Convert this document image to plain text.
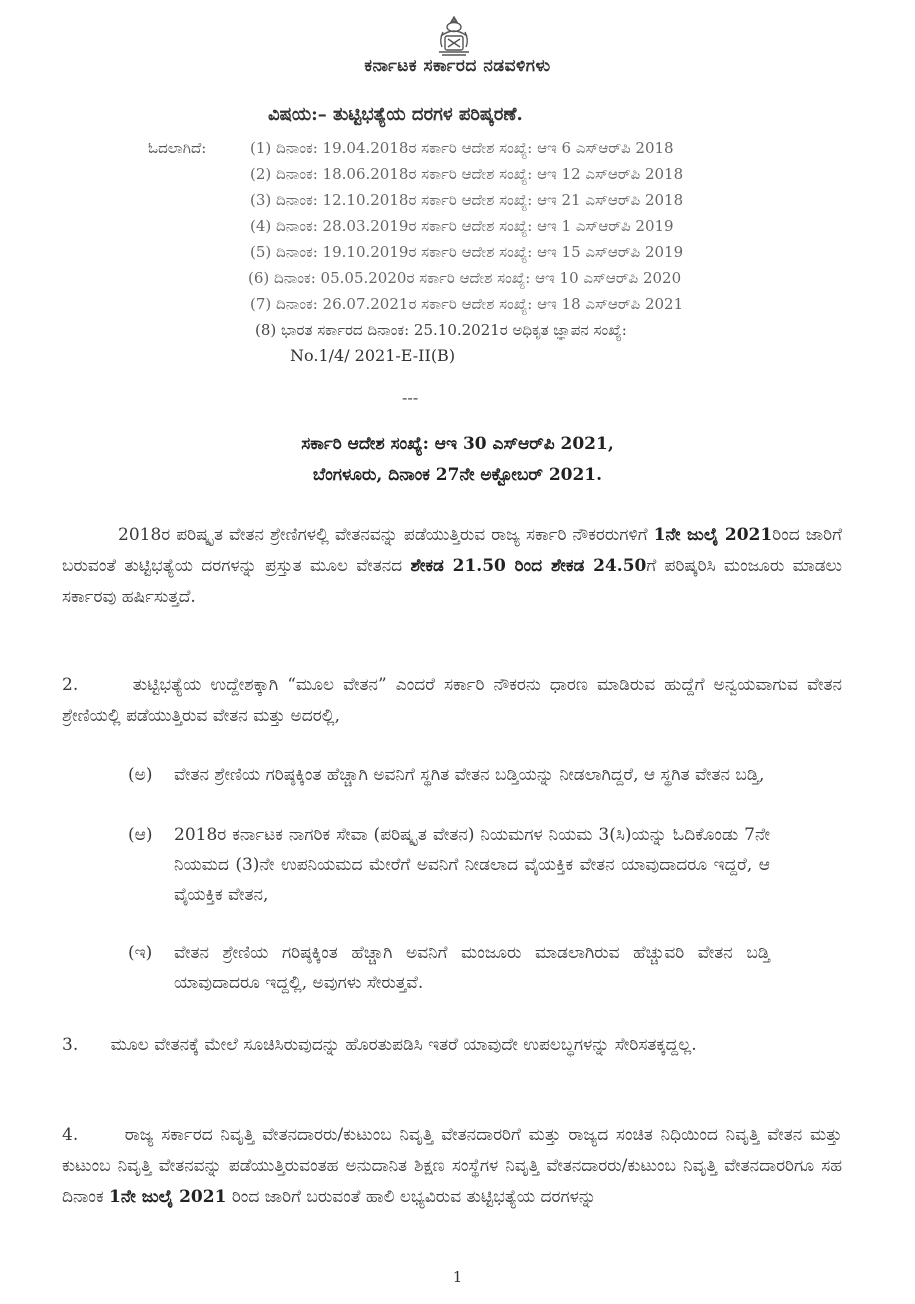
ಕರ್ನಾಟಕ ಸರ್ಕಾರದ ನಡವಳಿಗಳು
ವಿಷಯ:– ತುಟ್ಟಿಭತ್ಯೆಯ ದರಗಳ ಪರಿಷ್ಕರಣೆ.
ಓದಲಾಗಿದೆ:	(1) ದಿನಾಂಕ: 19.04.2018ರ ಸರ್ಕಾರಿ ಆದೇಶ ಸಂಖ್ಯೆ: ಆಇ 6 ಎಸ್‌ಆರ್‌ಪಿ 2018
(2) ದಿನಾಂಕ: 18.06.2018ರ ಸರ್ಕಾರಿ ಆದೇಶ ಸಂಖ್ಯೆ: ಆಇ 12 ಎಸ್‌ಆರ್‌ಪಿ 2018
(3) ದಿನಾಂಕ: 12.10.2018ರ ಸರ್ಕಾರಿ ಆದೇಶ ಸಂಖ್ಯೆ: ಆಇ 21 ಎಸ್‌ಆರ್‌ಪಿ 2018
(4) ದಿನಾಂಕ: 28.03.2019ರ ಸರ್ಕಾರಿ ಆದೇಶ ಸಂಖ್ಯೆ: ಆಇ 1 ಎಸ್‌ಆರ್‌ಪಿ 2019
(5) ದಿನಾಂಕ: 19.10.2019ರ ಸರ್ಕಾರಿ ಆದೇಶ ಸಂಖ್ಯೆ: ಆಇ 15 ಎಸ್‌ಆರ್‌ಪಿ 2019
(6) ದಿನಾಂಕ: 05.05.2020ರ ಸರ್ಕಾರಿ ಆದೇಶ ಸಂಖ್ಯೆ: ಆಇ 10 ಎಸ್‌ಆರ್‌ಪಿ 2020
(7) ದಿನಾಂಕ: 26.07.2021ರ ಸರ್ಕಾರಿ ಆದೇಶ ಸಂಖ್ಯೆ: ಆಇ 18 ಎಸ್‌ಆರ್‌ಪಿ 2021
(8) ಭಾರತ ಸರ್ಕಾರದ ದಿನಾಂಕ: 25.10.2021ರ ಅಧಿಕೃತ ಜ್ಞಾಪನ ಸಂಖ್ಯೆ:
No.1/4/ 2021-E-II(B)
---
ಸರ್ಕಾರಿ ಆದೇಶ ಸಂಖ್ಯೆ: ಆಇ 30 ಎಸ್‌ಆರ್‌ಪಿ 2021,
ಬೆಂಗಳೂರು, ದಿನಾಂಕ 27ನೇ ಅಕ್ಟೋಬರ್ 2021.
2018ರ ಪರಿಷ್ಕೃತ ವೇತನ ಶ್ರೇಣಿಗಳಲ್ಲಿ ವೇತನವನ್ನು ಪಡೆಯುತ್ತಿರುವ ರಾಜ್ಯ ಸರ್ಕಾರಿ ನೌಕರರುಗಳಿಗೆ 1ನೇ ಜುಲೈ 2021ರಿಂದ ಜಾರಿಗೆ ಬರುವಂತೆ ತುಟ್ಟಿಭತ್ಯೆಯ ದರಗಳನ್ನು ಪ್ರಸ್ತುತ ಮೂಲ ವೇತನದ ಶೇಕಡ 21.50 ರಿಂದ ಶೇಕಡ 24.50ಗೆ ಪರಿಷ್ಕರಿಸಿ ಮಂಜೂರು ಮಾಡಲು ಸರ್ಕಾರವು ಹರ್ಷಿಸುತ್ತದೆ.
2.	ತುಟ್ಟಿಭತ್ಯೆಯ ಉದ್ದೇಶಕ್ಕಾಗಿ “ಮೂಲ ವೇತನ” ಎಂದರೆ ಸರ್ಕಾರಿ ನೌಕರನು ಧಾರಣ ಮಾಡಿರುವ ಹುದ್ದೆಗೆ ಅನ್ವಯವಾಗುವ ವೇತನ ಶ್ರೇಣಿಯಲ್ಲಿ ಪಡೆಯುತ್ತಿರುವ ವೇತನ ಮತ್ತು ಅದರಲ್ಲಿ,
(ಅ)	ವೇತನ ಶ್ರೇಣಿಯ ಗರಿಷ್ಠಕ್ಕಿಂತ ಹೆಚ್ಚಾಗಿ ಅವನಿಗೆ ಸ್ಥಗಿತ ವೇತನ ಬಡ್ತಿಯನ್ನು ನೀಡಲಾಗಿದ್ದರೆ, ಆ ಸ್ಥಗಿತ ವೇತನ ಬಡ್ತಿ,
(ಆ)	2018ರ ಕರ್ನಾಟಕ ನಾಗರಿಕ ಸೇವಾ (ಪರಿಷ್ಕೃತ ವೇತನ) ನಿಯಮಗಳ ನಿಯಮ 3(ಸಿ)ಯನ್ನು ಓದಿಕೊಂಡು 7ನೇ ನಿಯಮದ (3)ನೇ ಉಪನಿಯಮದ ಮೇರೆಗೆ ಅವನಿಗೆ ನೀಡಲಾದ ವೈಯಕ್ತಿಕ ವೇತನ ಯಾವುದಾದರೂ ಇದ್ದರೆ, ಆ ವೈಯಕ್ತಿಕ ವೇತನ,
(ಇ)	ವೇತನ ಶ್ರೇಣಿಯ ಗರಿಷ್ಠಕ್ಕಿಂತ ಹೆಚ್ಚಾಗಿ ಅವನಿಗೆ ಮಂಜೂರು ಮಾಡಲಾಗಿರುವ ಹೆಚ್ಚುವರಿ ವೇತನ ಬಡ್ತಿ ಯಾವುದಾದರೂ ಇದ್ದಲ್ಲಿ, ಅವುಗಳು ಸೇರುತ್ತವೆ.
3. ಮೂಲ ವೇತನಕ್ಕೆ ಮೇಲೆ ಸೂಚಿಸಿರುವುದನ್ನು ಹೊರತುಪಡಿಸಿ ಇತರೆ ಯಾವುದೇ ಉಪಲಬ್ಧಗಳನ್ನು ಸೇರಿಸತಕ್ಕದ್ದಲ್ಲ.
4.	ರಾಜ್ಯ ಸರ್ಕಾರದ ನಿವೃತ್ತಿ ವೇತನದಾರರು/ಕುಟುಂಬ ನಿವೃತ್ತಿ ವೇತನದಾರರಿಗೆ ಮತ್ತು ರಾಜ್ಯದ ಸಂಚಿತ ನಿಧಿಯಿಂದ ನಿವೃತ್ತಿ ವೇತನ ಮತ್ತು ಕುಟುಂಬ ನಿವೃತ್ತಿ ವೇತನವನ್ನು ಪಡೆಯುತ್ತಿರುವಂತಹ ಅನುದಾನಿತ ಶಿಕ್ಷಣ ಸಂಸ್ಥೆಗಳ ನಿವೃತ್ತಿ ವೇತನದಾರರು/ಕುಟುಂಬ ನಿವೃತ್ತಿ ವೇತನದಾರರಿಗೂ ಸಹ ದಿನಾಂಕ 1ನೇ ಜುಲೈ 2021 ರಿಂದ ಜಾರಿಗೆ ಬರುವಂತೆ ಹಾಲಿ ಲಭ್ಯವಿರುವ ತುಟ್ಟಿಭತ್ಯೆಯ ದರಗಳನ್ನು
1
